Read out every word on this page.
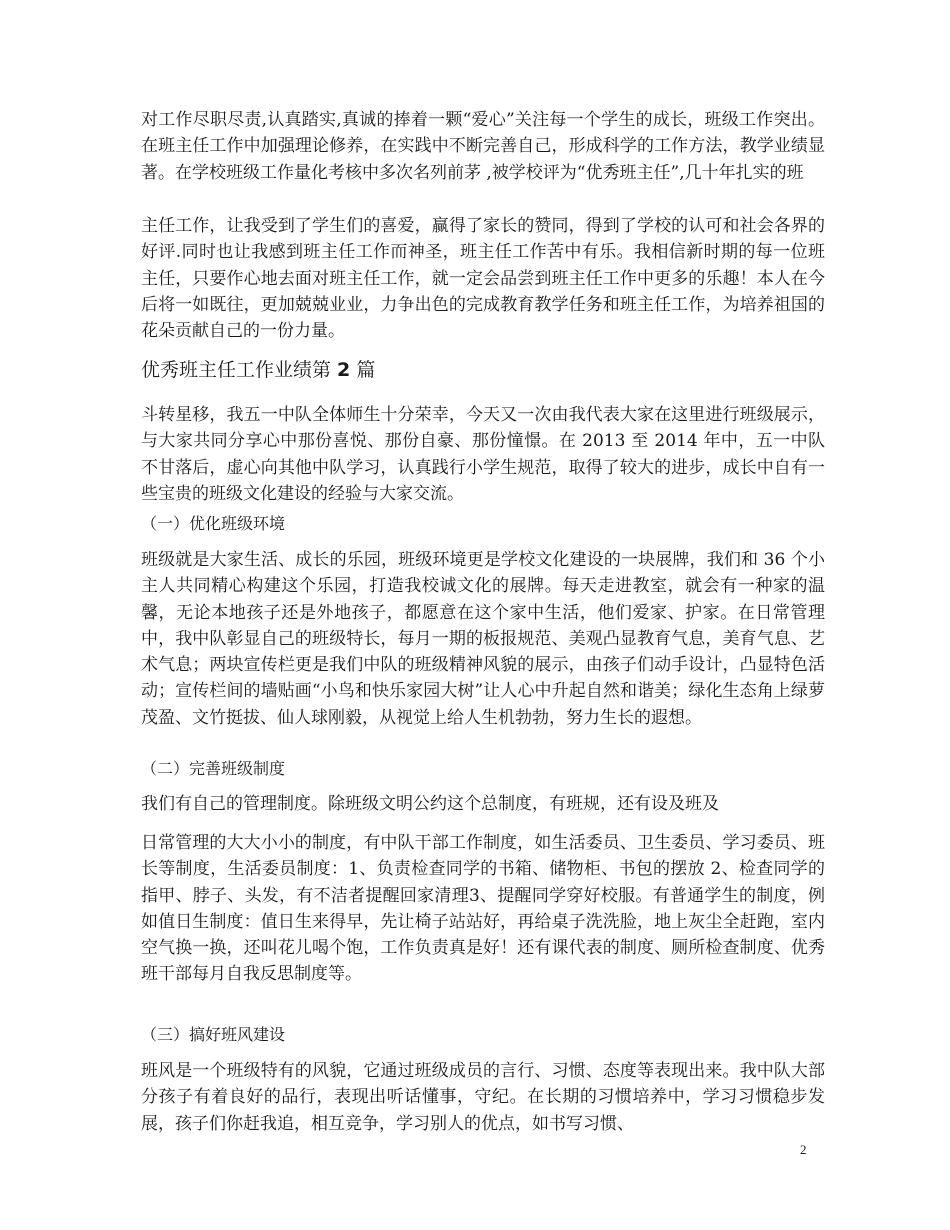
对工作尽职尽责,认真踏实,真诚的捧着一颗“爱心”关注每一个学生的成长，班级工作突出。在班主任工作中加强理论修养，在实践中不断完善自己，形成科学的工作方法，教学业绩显著。在学校班级工作量化考核中多次名列前茅 ,被学校评为“优秀班主任”,几十年扎实的班

主任工作，让我受到了学生们的喜爱，赢得了家长的赞同，得到了学校的认可和社会各界的好评.同时也让我感到班主任工作而神圣，班主任工作苦中有乐。我相信新时期的每一位班主任，只要作心地去面对班主任工作，就一定会品尝到班主任工作中更多的乐趣！本人在今后将一如既往，更加兢兢业业，力争出色的完成教育教学任务和班主任工作，为培养祖国的花朵贡献自己的一份力量。

优秀班主任工作业绩第 2 篇

斗转星移，我五一中队全体师生十分荣幸，今天又一次由我代表大家在这里进行班级展示，与大家共同分享心中那份喜悦、那份自豪、那份憧憬。在 2013 至 2014 年中，五一中队不甘落后，虚心向其他中队学习，认真践行小学生规范，取得了较大的进步，成长中自有一些宝贵的班级文化建设的经验与大家交流。

（一）优化班级环境

班级就是大家生活、成长的乐园，班级环境更是学校文化建设的一块展牌，我们和 36 个小主人共同精心构建这个乐园，打造我校诚文化的展牌。每天走进教室，就会有一种家的温馨，无论本地孩子还是外地孩子，都愿意在这个家中生活，他们爱家、护家。在日常管理中，我中队彰显自己的班级特长，每月一期的板报规范、美观凸显教育气息，美育气息、艺术气息；两块宣传栏更是我们中队的班级精神风貌的展示，由孩子们动手设计，凸显特色活动；宣传栏间的墙贴画“小鸟和快乐家园大树”让人心中升起自然和谐美；绿化生态角上绿萝茂盈、文竹挺拔、仙人球刚毅，从视觉上给人生机勃勃，努力生长的遐想。

（二）完善班级制度

我们有自己的管理制度。除班级文明公约这个总制度，有班规，还有设及班及

日常管理的大大小小的制度，有中队干部工作制度，如生活委员、卫生委员、学习委员、班长等制度，生活委员制度：1、负责检查同学的书箱、储物柜、书包的摆放 2、检查同学的指甲、脖子、头发，有不洁者提醒回家清理3、提醒同学穿好校服。有普通学生的制度，例如值日生制度：值日生来得早，先让椅子站站好，再给桌子洗洗脸，地上灰尘全赶跑，室内空气换一换，还叫花儿喝个饱，工作负责真是好！还有课代表的制度、厕所检查制度、优秀班干部每月自我反思制度等。

（三）搞好班风建设

班风是一个班级特有的风貌，它通过班级成员的言行、习惯、态度等表现出来。我中队大部分孩子有着良好的品行，表现出听话懂事，守纪。在长期的习惯培养中，学习习惯稳步发展，孩子们你赶我追，相互竞争，学习别人的优点，如书写习惯、

2
